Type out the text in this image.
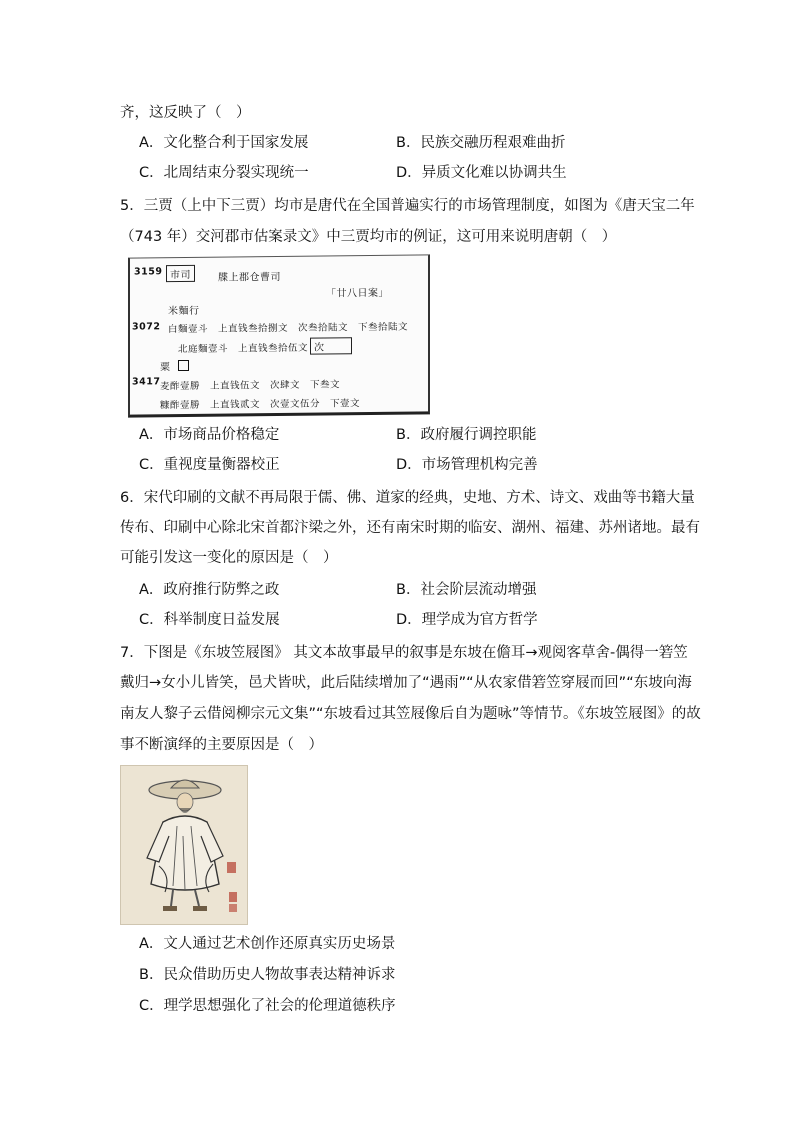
齐，这反映了（　）
A．文化整合利于国家发展	B．民族交融历程艰难曲折
C．北周结束分裂实现统一	D．异质文化难以协调共生
5．三贾（上中下三贾）均市是唐代在全国普遍实行的市场管理制度，如图为《唐天宝二年
（743 年）交河郡市估案录文》中三贾均市的例证，这可用来说明唐朝（　）
3159 市司	牒上郡仓曹司
「廿八日案」
米麵行
3072 白麵壹斗　上直钱叁拾捌文　次叁拾陆文　下叁拾陆文
北庭麵壹斗　上直钱叁拾伍文 次
粟
3417 麦酢壹勝　上直钱伍文　次肆文　下叁文
糠酢壹勝　上直钱贰文　次壹文伍分　下壹文
A．市场商品价格稳定	B．政府履行调控职能
C．重视度量衡器校正	D．市场管理机构完善
6．宋代印刷的文献不再局限于儒、佛、道家的经典，史地、方术、诗文、戏曲等书籍大量
传布、印刷中心除北宋首都汴梁之外，还有南宋时期的临安、湖州、福建、苏州诸地。最有
可能引发这一变化的原因是（　）
A．政府推行防弊之政	B．社会阶层流动增强
C．科举制度日益发展	D．理学成为官方哲学
7．下图是《东坡笠屐图》 其文本故事最早的叙事是东坡在儋耳→观阅客草舍-偶得一箬笠
戴归→女小儿皆笑，邑犬皆吠，此后陆续增加了“遇雨”“从农家借箬笠穿屐而回”“东坡向海
南友人黎子云借阅柳宗元文集”“东坡看过其笠屐像后自为题咏”等情节。《东坡笠屐图》的故
事不断演绎的主要原因是（　）
A．文人通过艺术创作还原真实历史场景
B．民众借助历史人物故事表达精神诉求
C．理学思想强化了社会的伦理道德秩序
